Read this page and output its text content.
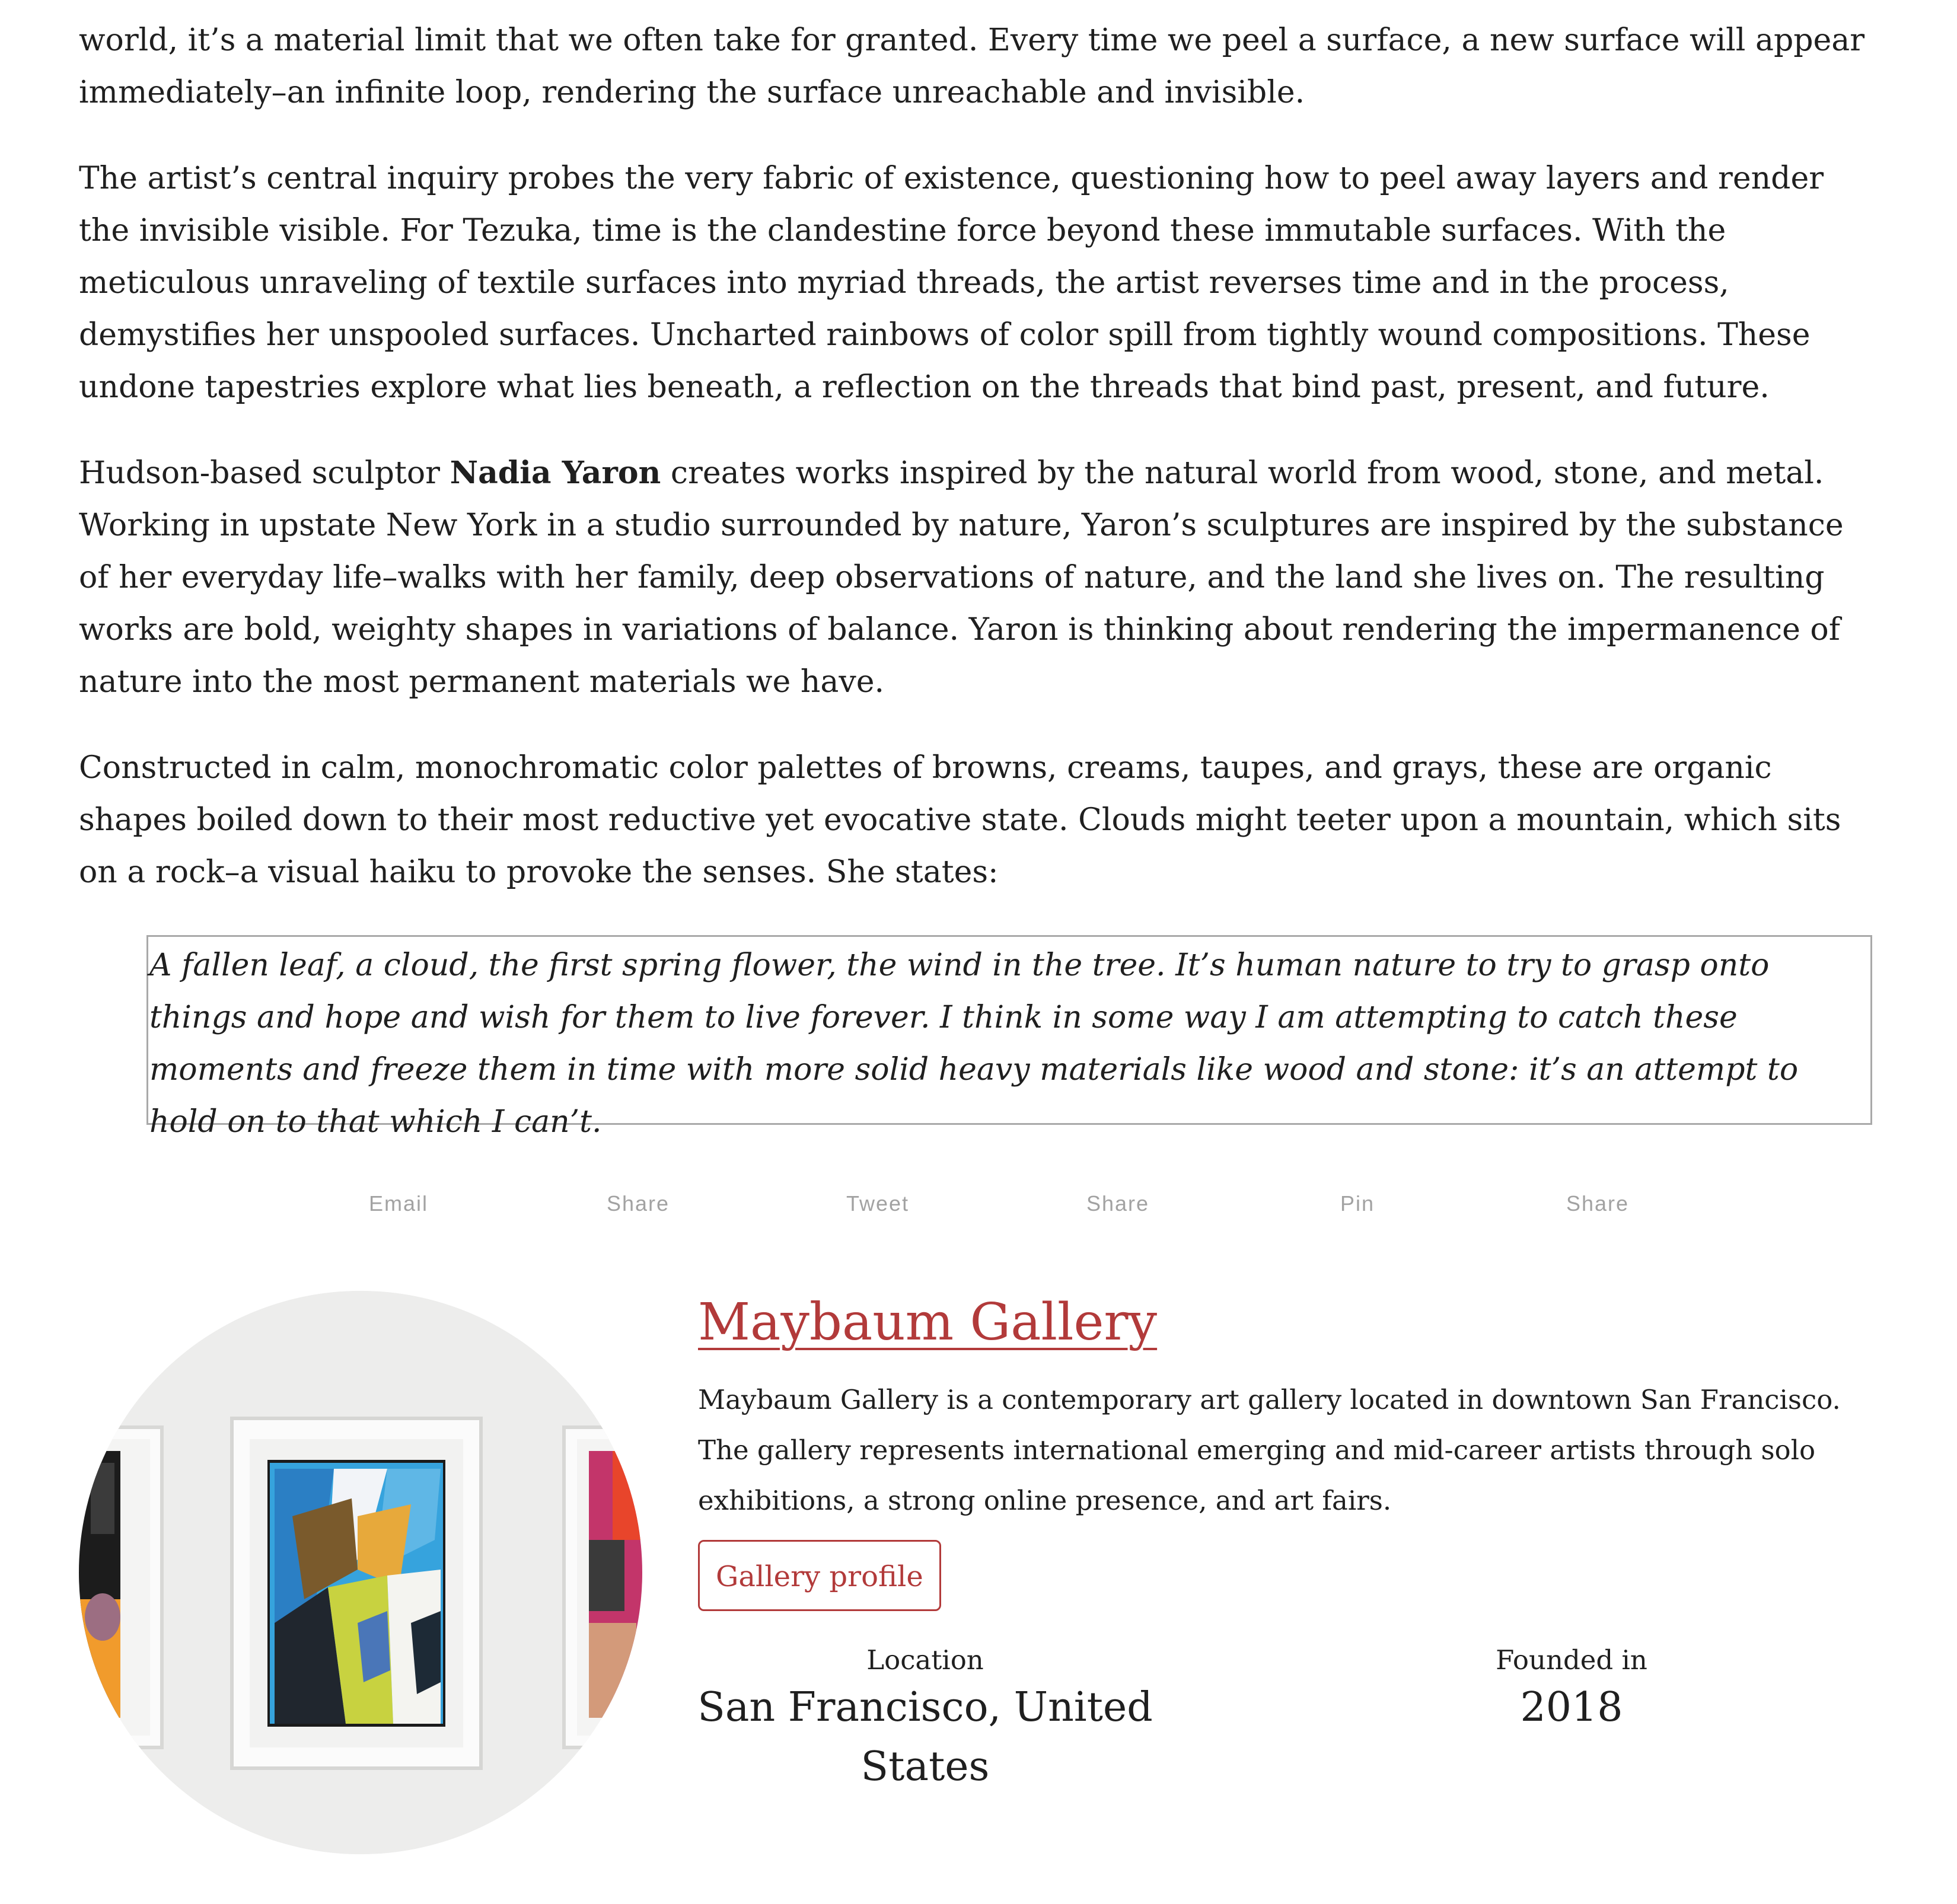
world, it’s a material limit that we often take for granted. Every time we peel a surface, a new surface will appear immediately–an infinite loop, rendering the surface unreachable and invisible.

The artist’s central inquiry probes the very fabric of existence, questioning how to peel away layers and render the invisible visible. For Tezuka, time is the clandestine force beyond these immutable surfaces. With the meticulous unraveling of textile surfaces into myriad threads, the artist reverses time and in the process, demystifies her unspooled surfaces. Uncharted rainbows of color spill from tightly wound compositions. These undone tapestries explore what lies beneath, a reflection on the threads that bind past, present, and future.

Hudson-based sculptor Nadia Yaron creates works inspired by the natural world from wood, stone, and metal. Working in upstate New York in a studio surrounded by nature, Yaron’s sculptures are inspired by the substance of her everyday life–walks with her family, deep observations of nature, and the land she lives on. The resulting works are bold, weighty shapes in variations of balance. Yaron is thinking about rendering the impermanence of nature into the most permanent materials we have.

Constructed in calm, monochromatic color palettes of browns, creams, taupes, and grays, these are organic shapes boiled down to their most reductive yet evocative state. Clouds might teeter upon a mountain, which sits on a rock–a visual haiku to provoke the senses. She states:

A fallen leaf, a cloud, the first spring flower, the wind in the tree. It’s human nature to try to grasp onto things and hope and wish for them to live forever. I think in some way I am attempting to catch these moments and freeze them in time with more solid heavy materials like wood and stone: it’s an attempt to hold on to that which I can’t.

Email	Share	Tweet	Share	Pin	Share
Maybaum Gallery

Maybaum Gallery is a contemporary art gallery located in downtown San Francisco. The gallery represents international emerging and mid-career artists through solo exhibitions, a strong online presence, and art fairs.

Gallery profile
Location
San Francisco, United States
Founded in
2018
